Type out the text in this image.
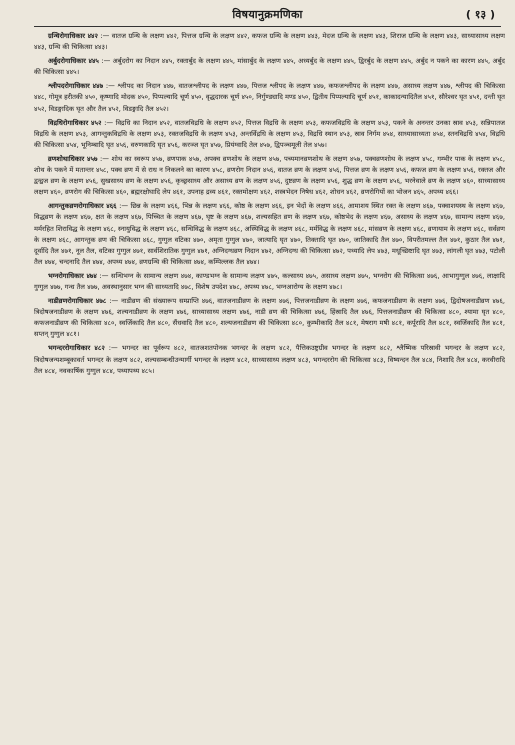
विषयानुक्रमणिका	( १३ )

ग्रन्थिरोगाधिकार ४४२ :— वातज ग्रन्थि के लक्षण ४४२, पित्तज ग्रन्थि के लक्षण ४४२, कफज ग्रन्थि के लक्षण ४४३, मेदज ग्रन्थि के लक्षण ४४३, शिराज ग्रन्थि के लक्षण ४४३, साध्यासाध्य लक्षण ४४३, ग्रन्थि की चिकित्सा ४४३।

अर्बुदरोगाधिकार ४४५ :— अर्बुदरोग का निदान ४४५, रक्तार्बुद के लक्षण ४४५, मांसार्बुद के लक्षण ४४५, अध्यर्बुद के लक्षण ४४५, द्विरर्बुद के लक्षण ४४५, अर्बुद न पकने का कारण ४४५, अर्बुद की चिकित्सा ४४५।

श्लीपदरोगाधिकार ४४७ :— श्लीपद का निदान ४४७, वातजश्लीपद के लक्षण ४४७, पित्तज श्लीपद के लक्षण ४४७, कफजश्लीपद के लक्षण ४४७, असाध्य लक्षण ४४७, श्लीपद की चिकित्सा ४४८, गोमूत्र हरीतकी ४५०, कृष्णादि मोदक ४५०, पिप्पल्यादि चूर्ण ४५०, वृद्धदारक चूर्ण ४५०, निर्गुण्ड्यादि मण्ड ४५०, द्वितीय पिप्पल्यादि चूर्ण ४५१, काकादन्यादितैल ४५१, सौरेश्वर घृत ४५१, दन्ती घृत ४५२, विडङ्गादिक घृत और तैल ४५२, विडङ्गादि तैल ४५२।

विद्रधिरोगाधिकार ४५२ :— विद्रधि का निदान ४५२, वातजविद्रधि के लक्षण ४५२, पित्तज विद्रधि के लक्षण ४५३, कफजविद्रधि के लक्षण ४५३, पकने के अनन्तर उनका स्राव ४५३, सन्निपातज विद्रधि के लक्षण ४५३, आगन्तुकविद्रधि के लक्षण ४५३, रक्तजविद्रधि के लक्षण ४५३, अन्तर्विद्रधि के लक्षण ४५३, विद्रधि स्थान ४५३, स्राव निर्गम ४५४, साध्यासाध्यता ४५४, स्तनविद्रधि ४५४, विद्रधि की चिकित्सा ४५४, भूनिम्बादि घृत ४५६, वरुणकादि घृत ४५६, करञ्ज घृत ४५७, प्रियंग्वादि तेल ४५७, द्विपञ्चमूली तेल ४५७।

व्रणशोथाधिकार ४५७ :— शोथ का स्वरूप ४५७, व्रणपाक ४५७, अपक्व व्रणशोथ के लक्षण ४५७, पच्यमानव्रणशोथ के लक्षण ४५७, पक्वव्रणशोथ के लक्षण ४५८, गम्भीर पाक के लक्षण ४५८, शोथ के पकने में मतान्तर ४५८, पक्व व्रण में से राध न निकलने का कारण ४५८, व्रणरोग निदान ४५६, वातज व्रण के लक्षण ४५६, पित्तज व्रण के लक्षण ४५६, कफज व्रण के लक्षण ४५६, रक्तज और द्वन्द्वज व्रण के लक्षण ४५६, सुखसाध्य व्रण के लक्षण ४५६, कृच्छ्रसाध्य और असाध्य व्रण के लक्षण ४५६, दुष्टव्रण के लक्षण ४५६, शुद्ध व्रण के लक्षण ४५६, भरनेवाले व्रण के लक्षण ४६०, साध्यासाध्य लक्षण ४६०, व्रणरोग की चिकित्सा ४६०, ब्रह्मरक्षोघादि लेप ४६१, उपनाह द्रव्य ४६१, रक्तमोक्षण ४६२, शस्त्रभेदन निषेध ४६२, शोधन ४६२, व्रणरोगियों का भोजन ४६५, अपथ्य ४६६।

आगन्तुकव्रणरोगाधिकार ४६६ :— छिन्न के लक्षण ४६६, भिन्न के लक्षण ४६६, कोष्ठ के लक्षण ४६६, इन भेदों के लक्षण ४६६, आमाशय स्थित रक्त के लक्षण ४६७, पक्वाशयस्थ के लक्षण ४६७, विद्धव्रण के लक्षण ४६७, क्षत के लक्षण ४६७, पिच्चित के लक्षण ४६७, घृष्ट के लक्षण ४६७, शल्यसहित व्रण के लक्षण ४६७, कोष्ठभेद के लक्षण ४६७, असाध्य के लक्षण ४६७, सामान्य लक्षण ४६७, मर्मरहित शिराविद्ध के लक्षण ४६८, स्नायुविद्ध के लक्षण ४६८, सन्धिविद्ध के लक्षण ४६८, अस्थिविद्ध के लक्षण ४६८, मर्मविद्ध के लक्षण ४६८, मांसव्रण के लक्षण ४६८, व्रणायाम के लक्षण ४६८, सर्वव्रण के लक्षण ४६८, आगन्तुक व्रण की चिकित्सा ४६८, गुग्गुल वटिका ४७०, अमृता गुग्गुल ४७०, जात्यादि घृत ४७०, तिक्तादि घृत ४७०, जातिकादि तैल ४७०, विपरीतमल्ल तैल ४७१, कुठार तैल ४७१, दूर्वादि तैल ४७१, नूल तैल, वटिका गुग्गुल ४७१, सार्वशिरातिक गुग्गुल ४७१, अग्निदग्धव्रण निदान ४७२, अग्निदग्ध की चिकित्सा ४७२, पथ्यादि लेप ४७३, मधूच्छिष्टादि घृत ४७३, लांगली घृत ४७३, पटोली तैल ४७४, चन्दनादि तैल ४७४, अपथ्य ४७४, व्रणग्रन्थि की चिकित्सा ४७४, कम्पिल्लक तैल ४७४।

भग्नरोगाधिकार ४७४ :— सन्धिभग्न के सामान्य लक्षण ४७४, काण्डभग्न के सामान्य लक्षण ४७५, कल्साध्य ४७५, असाध्य लक्षण ४७५, भग्नरोग की चिकित्सा ४७६, आभागुग्गुल ४७६, लाक्षादि गुग्गुल ४७७, गन्ध तैल ४७७, अवस्थानुसार भग्न की साध्यतादि ४७८, विशेष उपदेश ४७८, अपथ्य ४७८, भग्नआरोग्य के लक्षण ४७८।

नाडीव्रणरोगाधिकार ४७८ :— नाडीव्रण की संख्यारूप सम्प्राप्ति ४७६, वातजनाडीव्रण के लक्षण ४७६, पित्तजनाडीव्रण के लक्षण ४७६, कफजनाडीव्रण के लक्षण ४७६, द्विदोषजनाडीव्रण ४७६, त्रिदोषजनाडीव्रण के लक्षण ४७६, शल्यनाडीव्रण के लक्षण ४७६, साध्यासाध्य लक्षण ४७६, नाडी व्रण की चिकित्सा ४७६, हिंस्रादि तैल ४७६, पित्तजनाडीव्रण की चिकित्सा ४८०, श्यामा घृत ४८०, कफजनाडीव्रण की चिकित्सा ४८०, स्वर्जिकादि तैल ४८०, सैंधवादि तैल ४८०, शल्यजनाडीव्रण की चिकित्सा ४८०, कुम्भीकादि तैल ४८१, मेषराग मषी ४८१, कर्पूरादि तैल ४८१, स्वर्जिकादि तैल ४८१, सप्तन् गुग्गुल ४८१।

भगन्दररोगाधिकार ४८२ :— भगन्दर का पूर्वरूप ४८२, वातजशतपोनक भगन्दर के लक्षण ४८२, पैत्तिकउष्ट्रग्रीव भगन्दर के लक्षण ४८२, श्लैष्मिक परिस्रावी भगन्दर के लक्षण ४८२, त्रिदोषजन्यशम्बूकावर्त भगन्दर के लक्षण ४८२, शल्यसम्बन्धीउन्मार्गी भगन्दर के लक्षण ४८२, साध्यासाध्य लक्षण ४८३, भगन्दररोग की चिकित्सा ४८३, विष्यन्दन तैल ४८४, निशादि तैल ४८४, करवीरादि तैल ४८४, नवकार्षिक गुग्गुल ४८४, पथ्यापथ्य ४८५।
